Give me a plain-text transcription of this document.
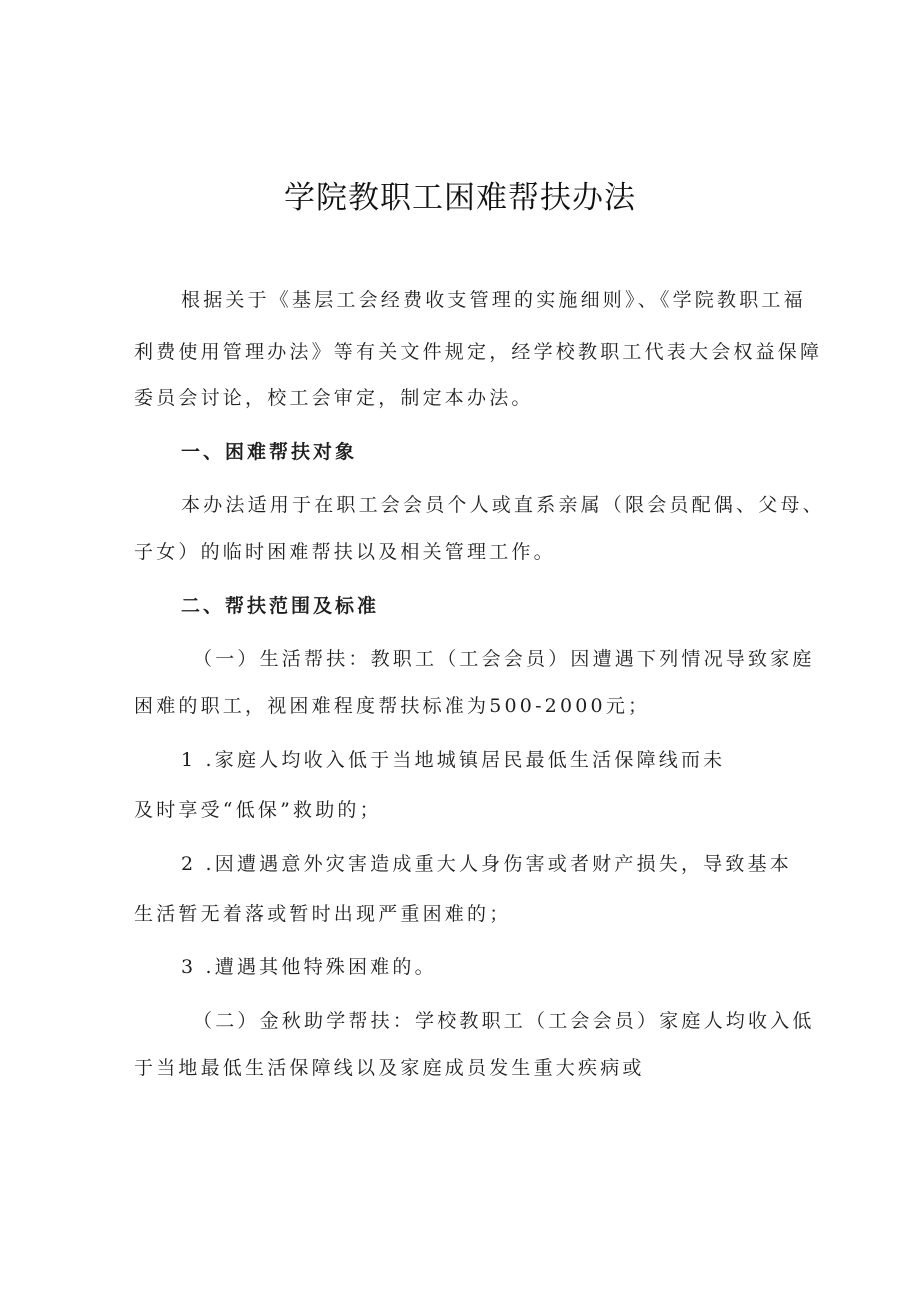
学院教职工困难帮扶办法
根据关于《基层工会经费收支管理的实施细则》、《学院教职工福
利费使用管理办法》等有关文件规定，经学校教职工代表大会权益保障
委员会讨论，校工会审定，制定本办法。
一、困难帮扶对象
本办法适用于在职工会会员个人或直系亲属（限会员配偶、父母、
子女）的临时困难帮扶以及相关管理工作。
二、帮扶范围及标准
（一）生活帮扶：教职工（工会会员）因遭遇下列情况导致家庭
困难的职工，视困难程度帮扶标准为500-2000元；
1 .家庭人均收入低于当地城镇居民最低生活保障线而未
及时享受“低保”救助的；
2 .因遭遇意外灾害造成重大人身伤害或者财产损失，导致基本
生活暂无着落或暂时出现严重困难的；
3 .遭遇其他特殊困难的。
（二）金秋助学帮扶：学校教职工（工会会员）家庭人均收入低
于当地最低生活保障线以及家庭成员发生重大疾病或
